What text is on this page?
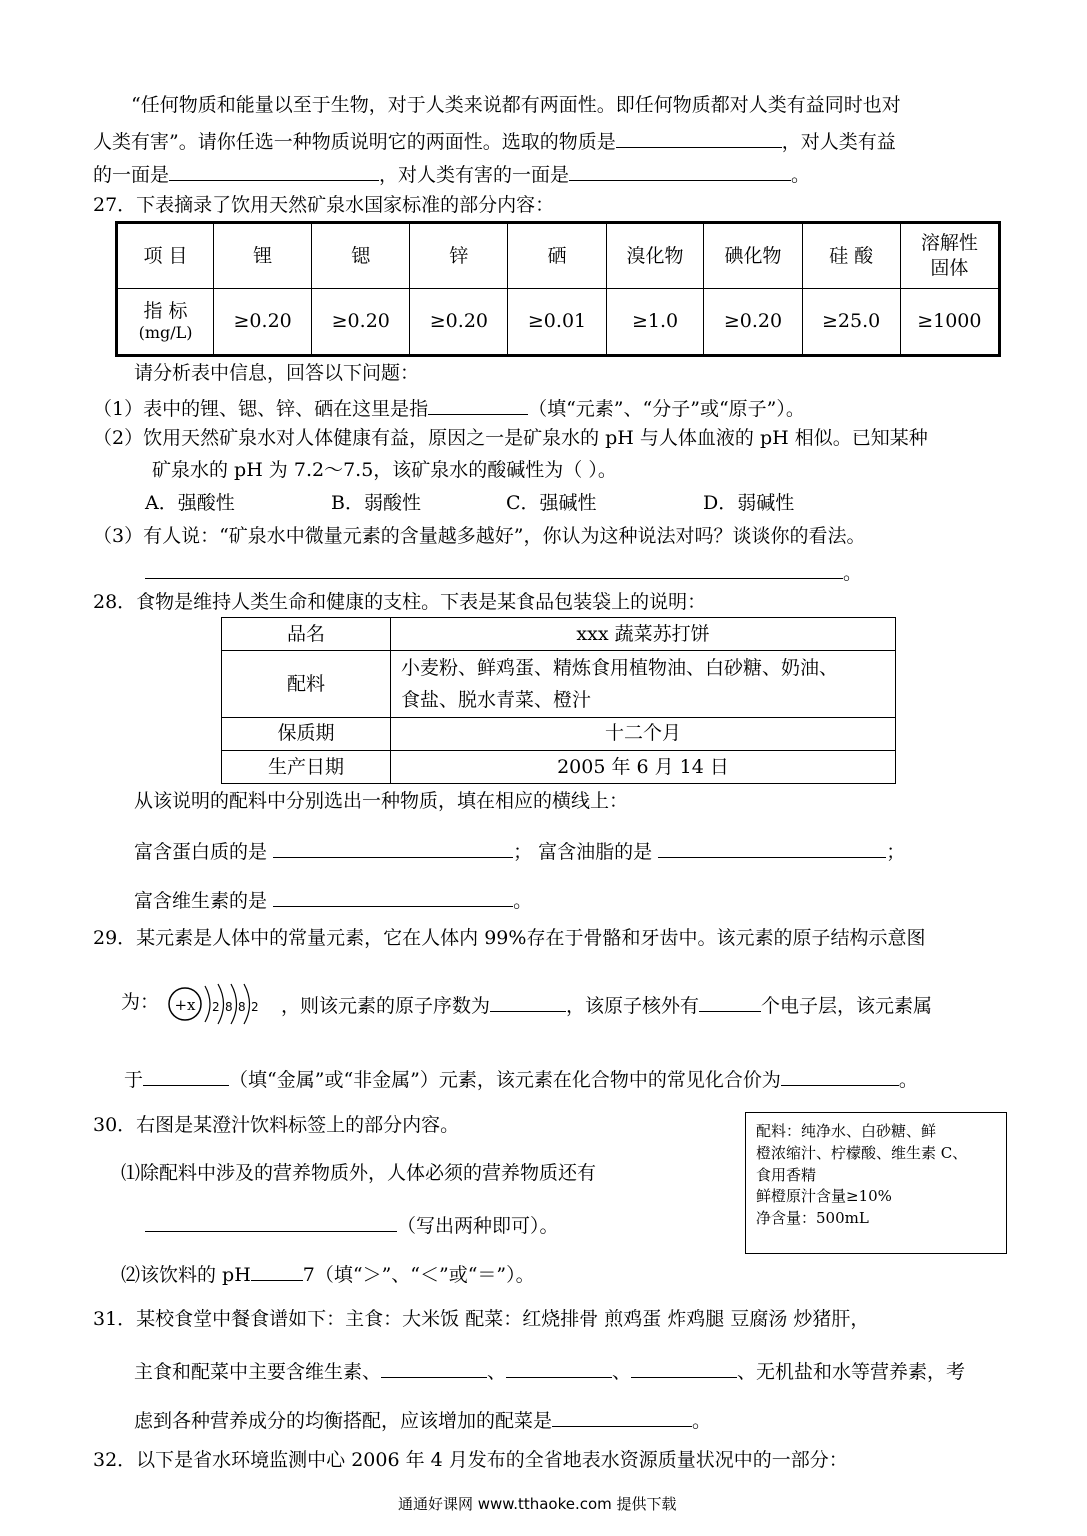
“任何物质和能量以至于生物，对于人类来说都有两面性。即任何物质都对人类有益同时也对
人类有害”。请你任选一种物质说明它的两面性。选取的物质是	，对人类有益
的一面是	，对人类有害的一面是	。
27．下表摘录了饮用天然矿泉水国家标准的部分内容：
项 目	锂	锶	锌	硒	溴化物	碘化物	硅 酸	溶解性
固体

指 标
(mg/L)	≥0.20	≥0.20	≥0.20	≥0.01	≥1.0	≥0.20	≥25.0	≥1000
请分析表中信息，回答以下问题：
（1）表中的锂、锶、锌、硒在这里是指	（填“元素”、“分子”或“原子”）。
（2）饮用天然矿泉水对人体健康有益，原因之一是矿泉水的 pH 与人体血液的 pH 相似。已知某种
矿泉水的 pH 为 7.2～7.5，该矿泉水的酸碱性为（ ）。
A．强酸性	B．弱酸性	C．强碱性	D．弱碱性
（3）有人说：“矿泉水中微量元素的含量越多越好”，你认为这种说法对吗？谈谈你的看法。
。
28．食物是维持人类生命和健康的支柱。下表是某食品包装袋上的说明：
品名	xxx 蔬菜苏打饼
配料	小麦粉、鲜鸡蛋、精炼食用植物油、白砂糖、奶油、
食盐、脱水青菜、橙汁

保质期	十二个月
生产日期	2005 年 6 月 14 日
从该说明的配料中分别选出一种物质，填在相应的横线上：
富含蛋白质的是	； 富含油脂的是	；
富含维生素的是	。
29．某元素是人体中的常量元素，它在人体内 99%存在于骨骼和牙齿中。该元素的原子结构示意图
为： +x 2 8 8 2 ，则该元素的原子序数为	，该原子核外有	个电子层，该元素属
于	（填“金属”或“非金属”）元素，该元素在化合物中的常见化合价为	。
30．右图是某澄汁饮料标签上的部分内容。
⑴除配料中涉及的营养物质外，人体必须的营养物质还有
（写出两种即可）。
⑵该饮料的 pH	7（填“＞”、“＜”或“＝”）。
配料：纯净水、白砂糖、鲜
橙浓缩汁、柠檬酸、维生素 C、
食用香精
鲜橙原汁含量≥10%
净含量：500mL
31．某校食堂中餐食谱如下：主食：大米饭 配菜：红烧排骨 煎鸡蛋 炸鸡腿 豆腐汤 炒猪肝，
主食和配菜中主要含维生素、	、	、	、无机盐和水等营养素，考
虑到各种营养成分的均衡搭配，应该增加的配菜是	。
32．以下是省水环境监测中心 2006 年 4 月发布的全省地表水资源质量状况中的一部分：
通通好课网 www.tthaoke.com 提供下载
